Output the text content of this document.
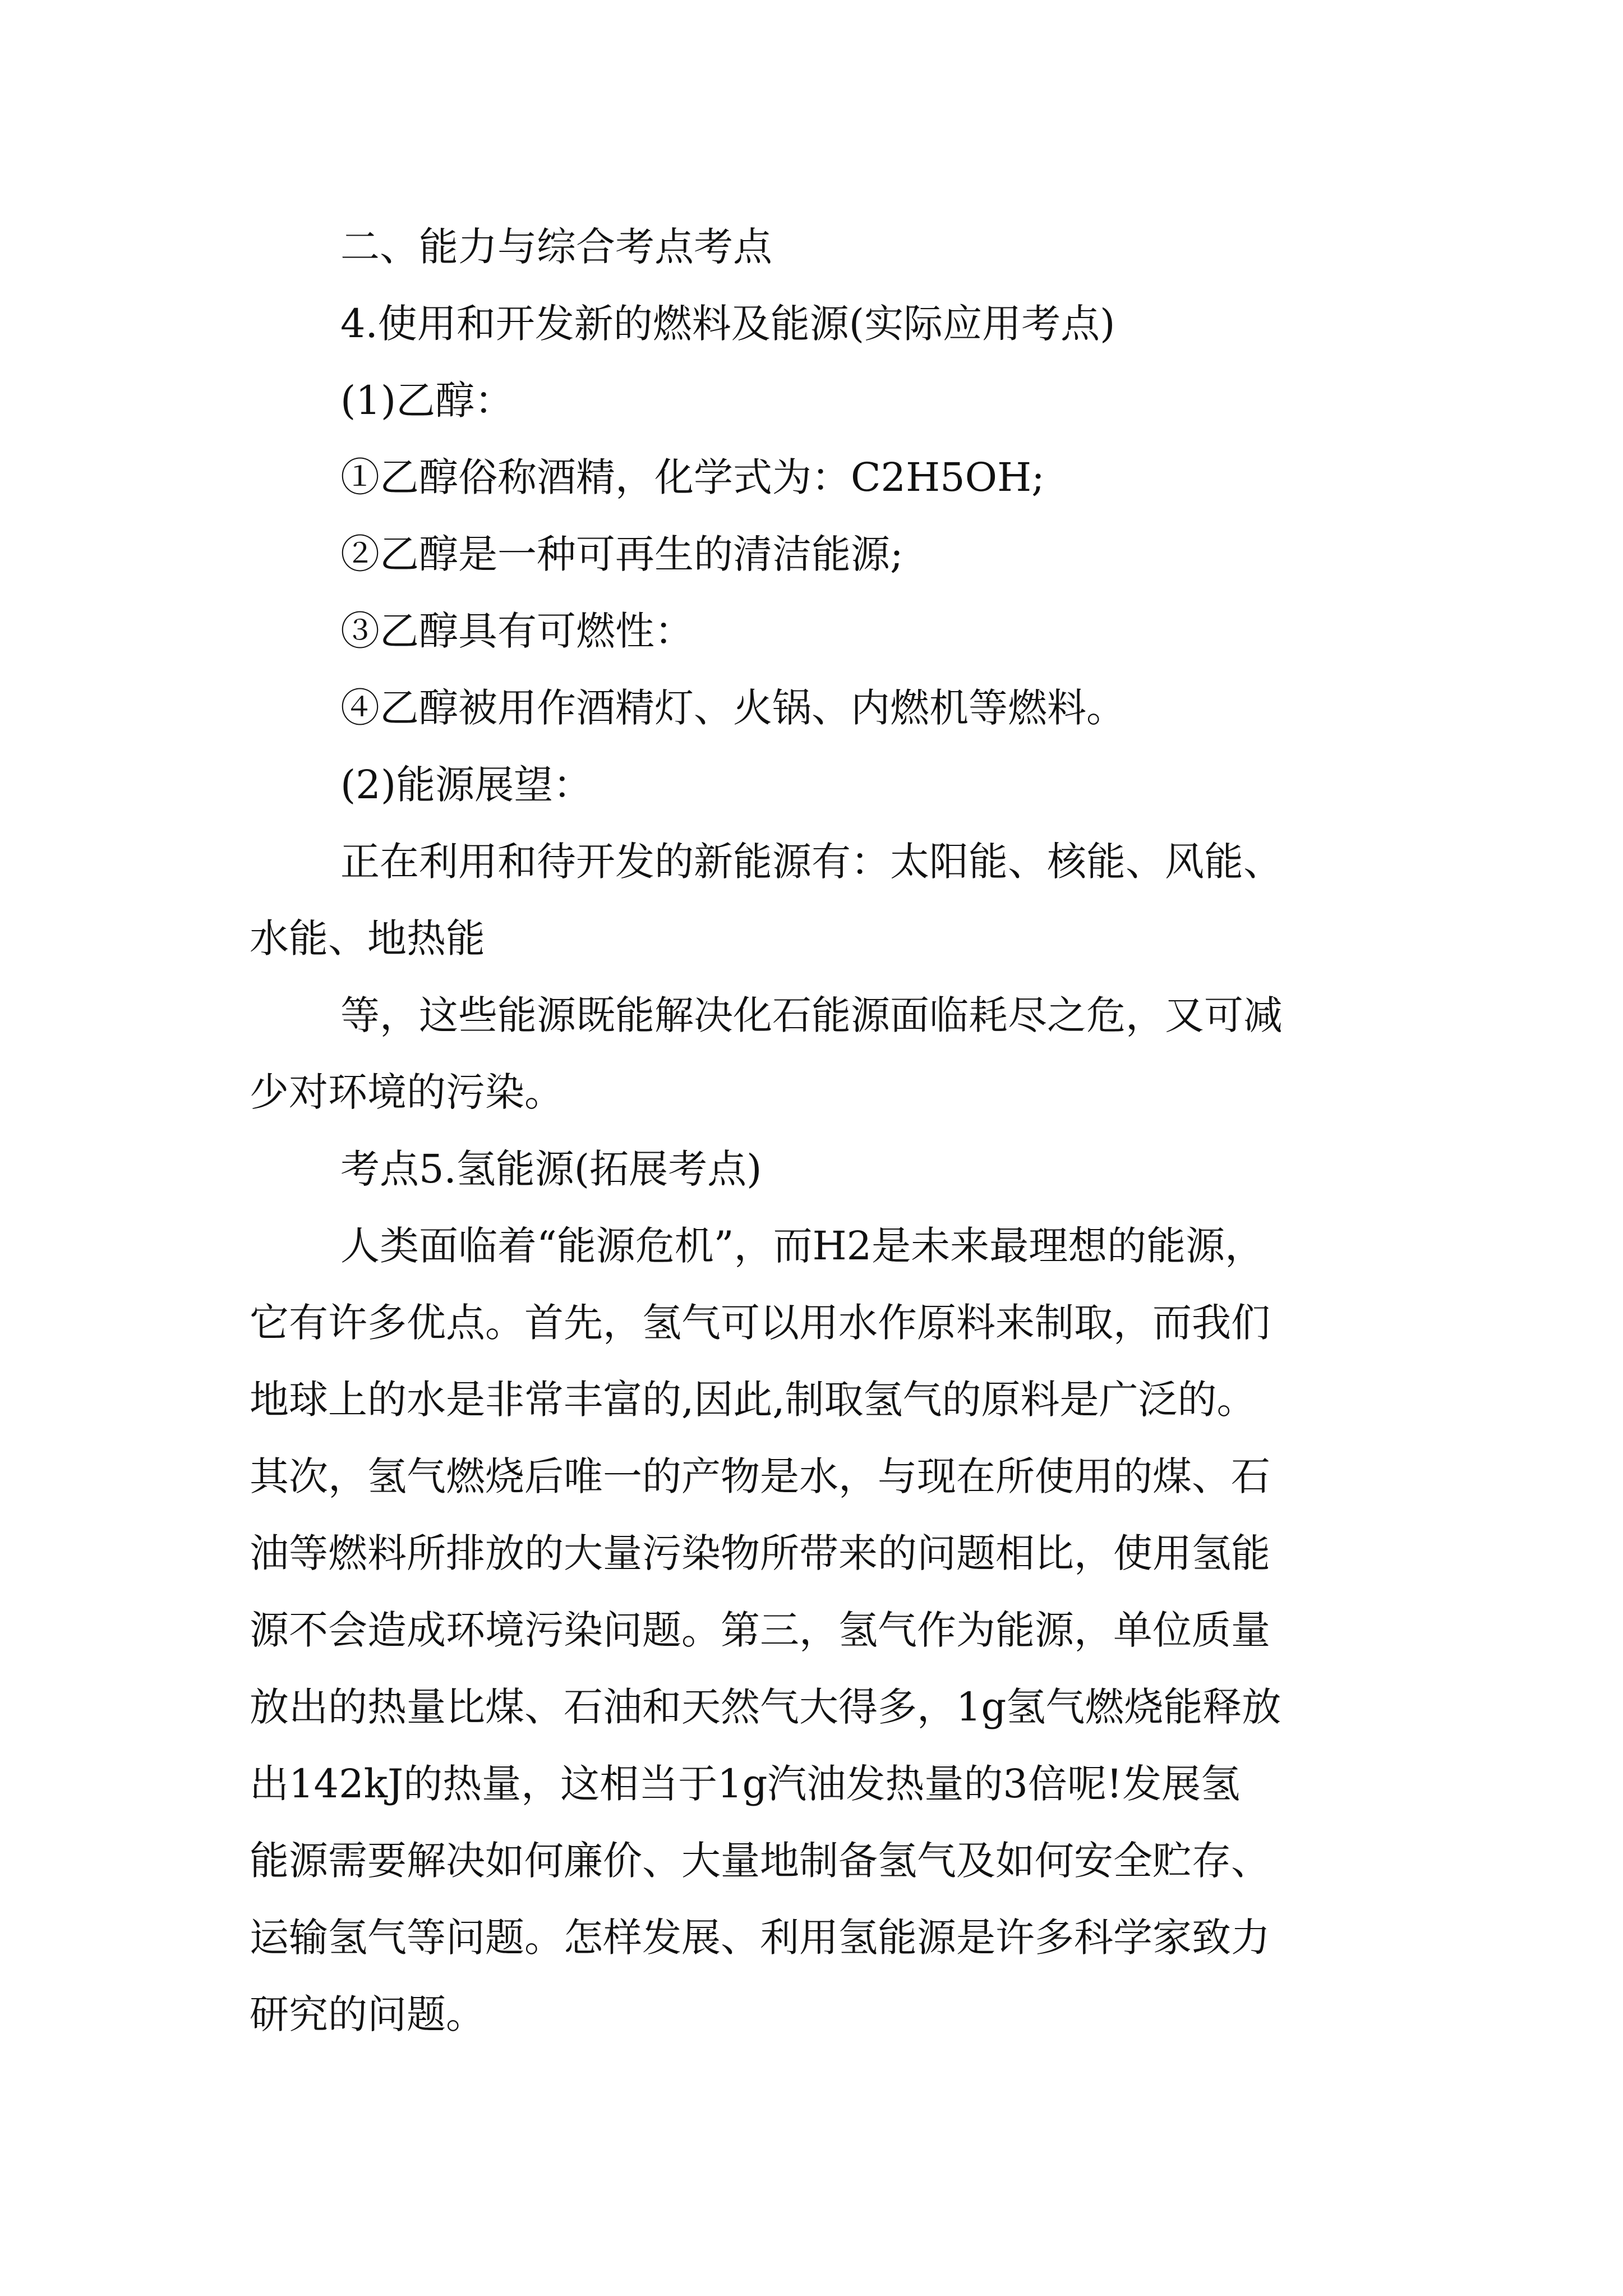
二、能力与综合考点考点

4.使用和开发新的燃料及能源(实际应用考点)

(1)乙醇：

①乙醇俗称酒精，化学式为：C2H5OH;

②乙醇是一种可再生的清洁能源;

③乙醇具有可燃性：

④乙醇被用作酒精灯、火锅、内燃机等燃料。

(2)能源展望：

正在利用和待开发的新能源有：太阳能、核能、风能、

水能、地热能

等，这些能源既能解决化石能源面临耗尽之危，又可减

少对环境的污染。

考点5.氢能源(拓展考点)

人类面临着“能源危机”，而H2是未来最理想的能源，

它有许多优点。首先，氢气可以用水作原料来制取，而我们

地球上的水是非常丰富的,因此,制取氢气的原料是广泛的。

其次，氢气燃烧后唯一的产物是水，与现在所使用的煤、石

油等燃料所排放的大量污染物所带来的问题相比，使用氢能

源不会造成环境污染问题。第三，氢气作为能源，单位质量

放出的热量比煤、石油和天然气大得多，1g氢气燃烧能释放

出142kJ的热量，这相当于1g汽油发热量的3倍呢!发展氢

能源需要解决如何廉价、大量地制备氢气及如何安全贮存、

运输氢气等问题。怎样发展、利用氢能源是许多科学家致力

研究的问题。
